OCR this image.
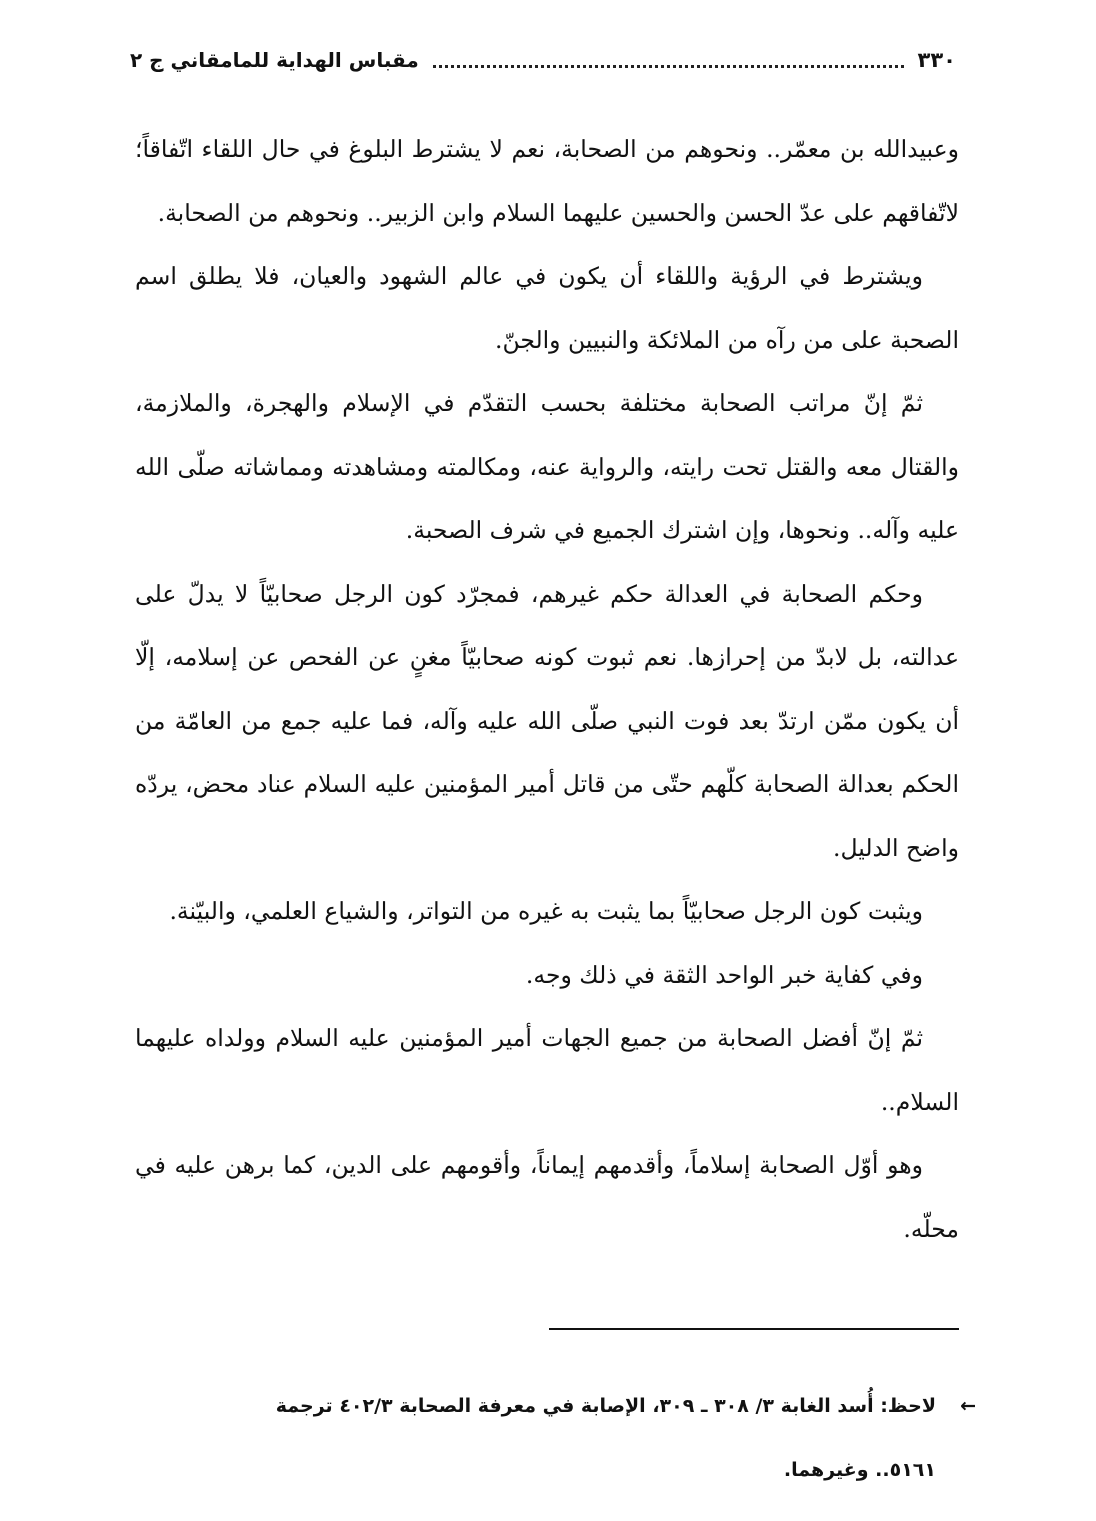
٣٣٠
مقباس الهداية للمامقاني ج ٢

وعبيدالله بن معمّر.. ونحوهم من الصحابة، نعم لا يشترط البلوغ في حال اللقاء اتّفاقاً؛ لاتّفاقهم على عدّ الحسن والحسين عليهما السلام وابن الزبير.. ونحوهم من الصحابة.

ويشترط في الرؤية واللقاء أن يكون في عالم الشهود والعيان، فلا يطلق اسم الصحبة على من رآه من الملائكة والنبيين والجنّ.

ثمّ إنّ مراتب الصحابة مختلفة بحسب التقدّم في الإسلام والهجرة، والملازمة، والقتال معه والقتل تحت رايته، والرواية عنه، ومكالمته ومشاهدته ومماشاته صلّى الله عليه وآله.. ونحوها، وإن اشترك الجميع في شرف الصحبة.

وحكم الصحابة في العدالة حكم غيرهم، فمجرّد كون الرجل صحابيّاً لا يدلّ على عدالته، بل لابدّ من إحرازها. نعم ثبوت كونه صحابيّاً مغنٍ عن الفحص عن إسلامه، إلّا أن يكون ممّن ارتدّ بعد فوت النبي صلّى الله عليه وآله، فما عليه جمع من العامّة من الحكم بعدالة الصحابة كلّهم حتّى من قاتل أمير المؤمنين عليه السلام عناد محض، يردّه واضح الدليل.

ويثبت كون الرجل صحابيّاً بما يثبت به غيره من التواتر، والشياع العلمي، والبيّنة.

وفي كفاية خبر الواحد الثقة في ذلك وجه.

ثمّ إنّ أفضل الصحابة من جميع الجهات أمير المؤمنين عليه السلام وولداه عليهما السلام..

وهو أوّل الصحابة إسلاماً، وأقدمهم إيماناً، وأقومهم على الدين، كما برهن عليه في محلّه.

←لاحظ: أُسد الغابة ٣/ ٣٠٨ ـ ٣٠٩، الإصابة في معرفة الصحابة ٤٠٢/٣ ترجمة
٥١٦١.. وغيرهما.
